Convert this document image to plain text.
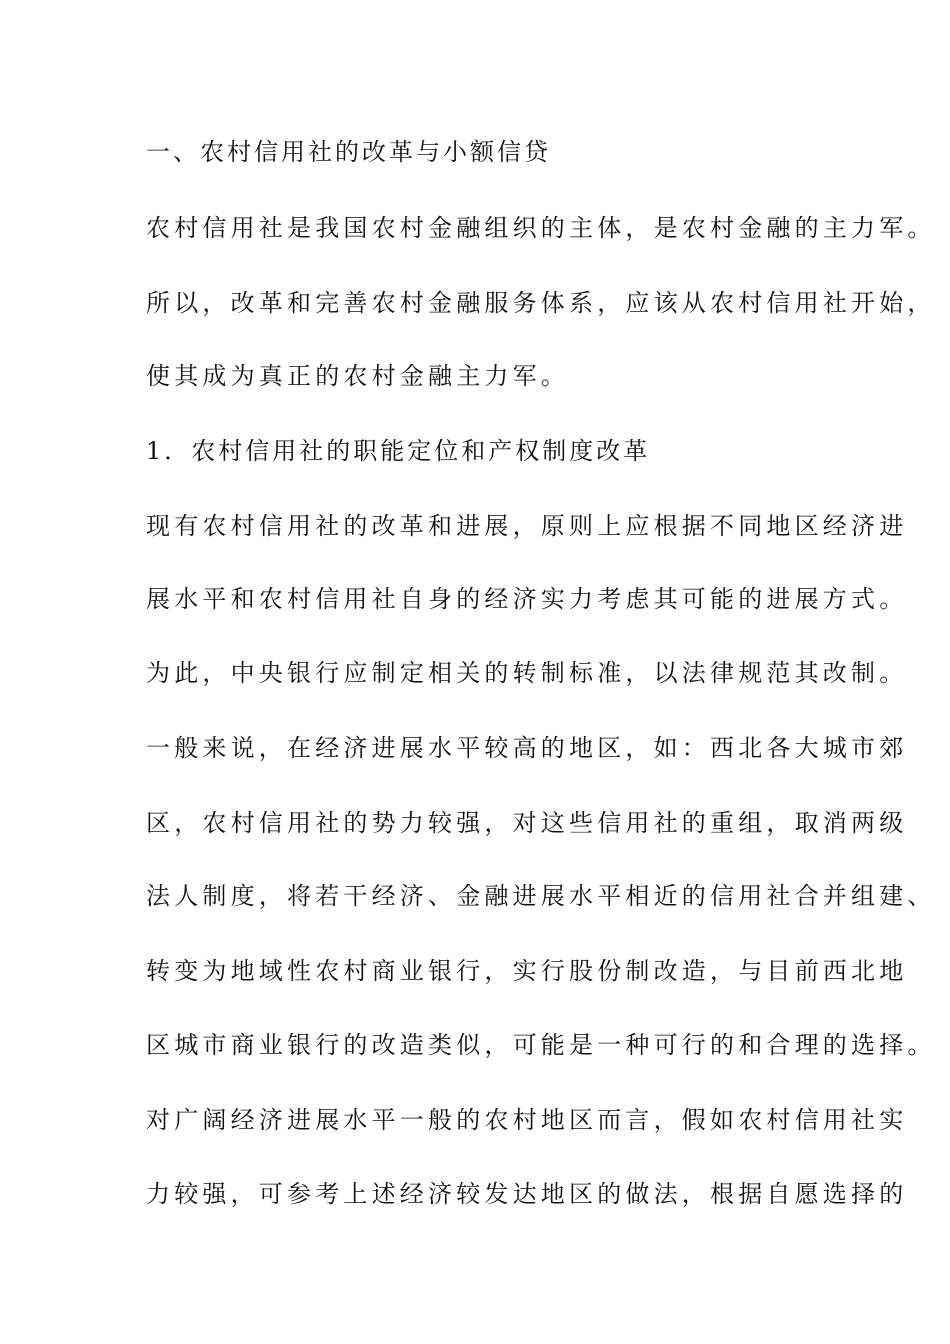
一、农村信用社的改革与小额信贷
农村信用社是我国农村金融组织的主体，是农村金融的主力军。
所以，改革和完善农村金融服务体系，应该从农村信用社开始，
使其成为真正的农村金融主力军。
1．农村信用社的职能定位和产权制度改革
现有农村信用社的改革和进展，原则上应根据不同地区经济进
展水平和农村信用社自身的经济实力考虑其可能的进展方式。
为此，中央银行应制定相关的转制标准，以法律规范其改制。
一般来说，在经济进展水平较高的地区，如：西北各大城市郊
区，农村信用社的势力较强，对这些信用社的重组，取消两级
法人制度，将若干经济、金融进展水平相近的信用社合并组建、
转变为地域性农村商业银行，实行股份制改造，与目前西北地
区城市商业银行的改造类似，可能是一种可行的和合理的选择。
对广阔经济进展水平一般的农村地区而言，假如农村信用社实
力较强，可参考上述经济较发达地区的做法，根据自愿选择的
